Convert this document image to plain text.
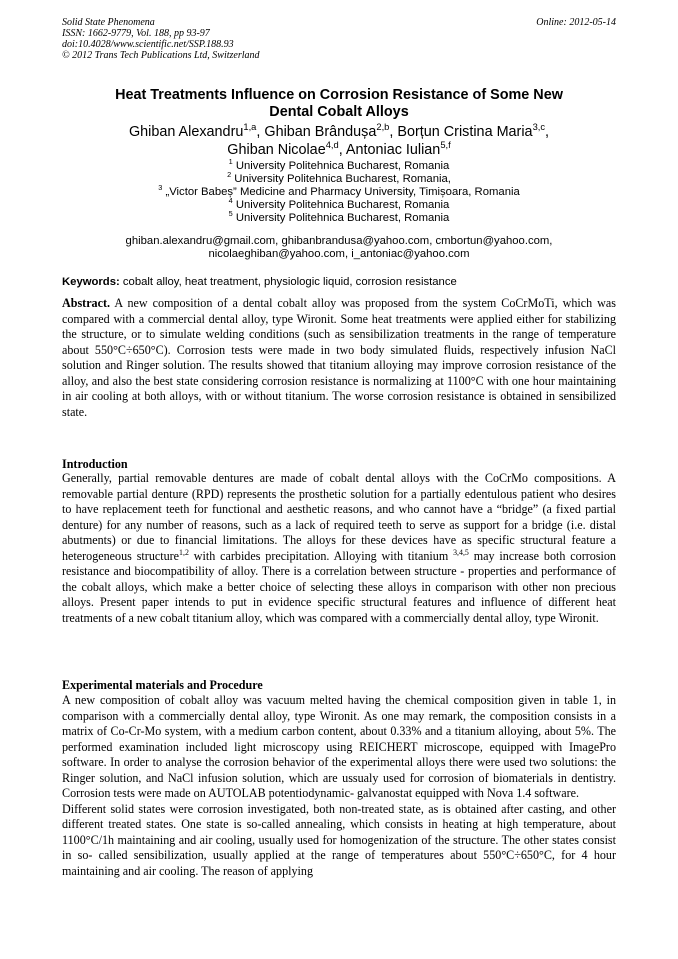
Solid State Phenomena
ISSN: 1662-9779, Vol. 188, pp 93-97
doi:10.4028/www.scientific.net/SSP.188.93
© 2012 Trans Tech Publications Ltd, Switzerland
Online: 2012-05-14
Heat Treatments Influence on Corrosion Resistance of Some New
Dental Cobalt Alloys
Ghiban Alexandru$^{1,a}$, Ghiban Brândușa$^{2,b}$, Borțun Cristina Maria$^{3,c}$,
Ghiban Nicolae$^{4,d}$, Antoniac Iulian$^{5,f}$
$^1$ University Politehnica Bucharest, Romania
$^2$ University Politehnica Bucharest, Romania,
$^3$ „Victor Babeș” Medicine and Pharmacy University, Timișoara, Romania
$^4$ University Politehnica Bucharest, Romania
$^5$ University Politehnica Bucharest, Romania
ghiban.alexandru@gmail.com, ghibanbrandusa@yahoo.com, cmbortun@yahoo.com,
nicolaeghiban@yahoo.com, i_antoniac@yahoo.com
Keywords: cobalt alloy, heat treatment, physiologic liquid, corrosion resistance

Abstract. A new composition of a dental cobalt alloy was proposed from the system CoCrMoTi, which was compared with a commercial dental alloy, type Wironit. Some heat treatments were applied either for stabilizing the structure, or to simulate welding conditions (such as sensibilization treatments in the range of temperature about 550°C÷650°C). Corrosion tests were made in two body simulated fluids, respectively infusion NaCl solution and Ringer solution. The results showed that titanium alloying may improve corrosion resistance of the alloy, and also the best state considering corrosion resistance is normalizing at 1100°C with one hour maintaining in air cooling at both alloys, with or without titanium. The worse corrosion resistance is obtained in sensibilized state.

Introduction

Generally, partial removable dentures are made of cobalt dental alloys with the CoCrMo compositions. A removable partial denture (RPD) represents the prosthetic solution for a partially edentulous patient who desires to have replacement teeth for functional and aesthetic reasons, and who cannot have a “bridge” (a fixed partial denture) for any number of reasons, such as a lack of required teeth to serve as support for a bridge (i.e. distal abutments) or due to financial limitations. The alloys for these devices have as specific structural feature a heterogeneous structure$^{1,2}$ with carbides precipitation. Alloying with titanium $^{3,4,5}$ may increase both corrosion resistance and biocompatibility of alloy. There is a correlation between structure - properties and performance of the cobalt alloys, which make a better choice of selecting these alloys in comparison with other non precious alloys. Present paper intends to put in evidence specific structural features and influence of different heat treatments of a new cobalt titanium alloy, which was compared with a commercially dental alloy, type Wironit.

Experimental materials and Procedure

A new composition of cobalt alloy was vacuum melted having the chemical composition given in table 1, in comparison with a commercially dental alloy, type Wironit. As one may remark, the composition consists in a matrix of Co-Cr-Mo system, with a medium carbon content, about 0.33% and a titanium alloying, about 5%. The performed examination included light microscopy using REICHERT microscope, equipped with ImagePro software. In order to analyse the corrosion behavior of the experimental alloys there were used two solutions: the Ringer solution, and NaCl infusion solution, which are ussualy used for corrosion of biomaterials in dentistry. Corrosion tests were made on AUTOLAB potentiodynamic- galvanostat equipped with Nova 1.4 software.

Different solid states were corrosion investigated, both non-treated state, as is obtained after casting, and other different treated states. One state is so-called annealing, which consists in heating at high temperature, about 1100°C/1h maintaining and air cooling, usually used for homogenization of the structure. The other states consist in so- called sensibilization, usually applied at the range of temperatures about 550°C÷650°C, for 4 hour maintaining and air cooling. The reason of applying
